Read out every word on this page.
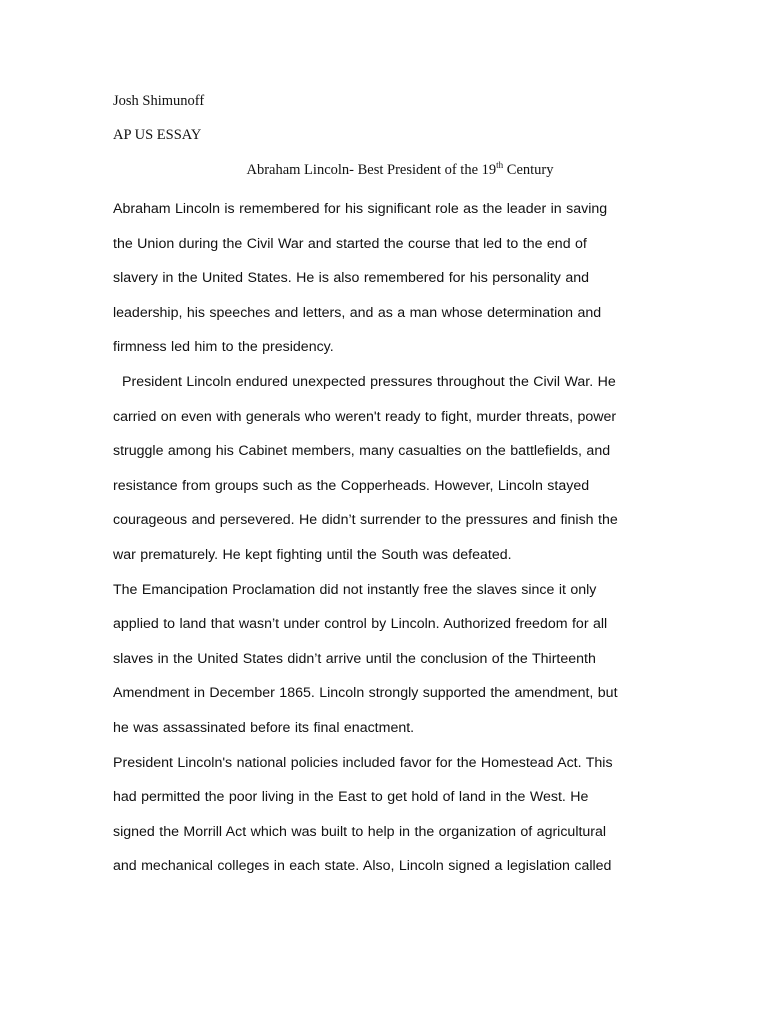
Josh Shimunoff

AP US ESSAY

Abraham Lincoln- Best President of the 19th Century

Abraham Lincoln is remembered for his significant role as the leader in saving
the Union during the Civil War and started the course that led to the end of
slavery in the United States. He is also remembered for his personality and
leadership, his speeches and letters, and as a man whose determination and
firmness led him to the presidency.

President Lincoln endured unexpected pressures throughout the Civil War. He
carried on even with generals who weren't ready to fight, murder threats, power
struggle among his Cabinet members, many casualties on the battlefields, and
resistance from groups such as the Copperheads. However, Lincoln stayed
courageous and persevered. He didn’t surrender to the pressures and finish the
war prematurely. He kept fighting until the South was defeated.

The Emancipation Proclamation did not instantly free the slaves since it only
applied to land that wasn’t under control by Lincoln. Authorized freedom for all
slaves in the United States didn’t arrive until the conclusion of the Thirteenth
Amendment in December 1865. Lincoln strongly supported the amendment, but
he was assassinated before its final enactment.

President Lincoln's national policies included favor for the Homestead Act. This
had permitted the poor living in the East to get hold of land in the West. He
signed the Morrill Act which was built to help in the organization of agricultural
and mechanical colleges in each state. Also, Lincoln signed a legislation called
